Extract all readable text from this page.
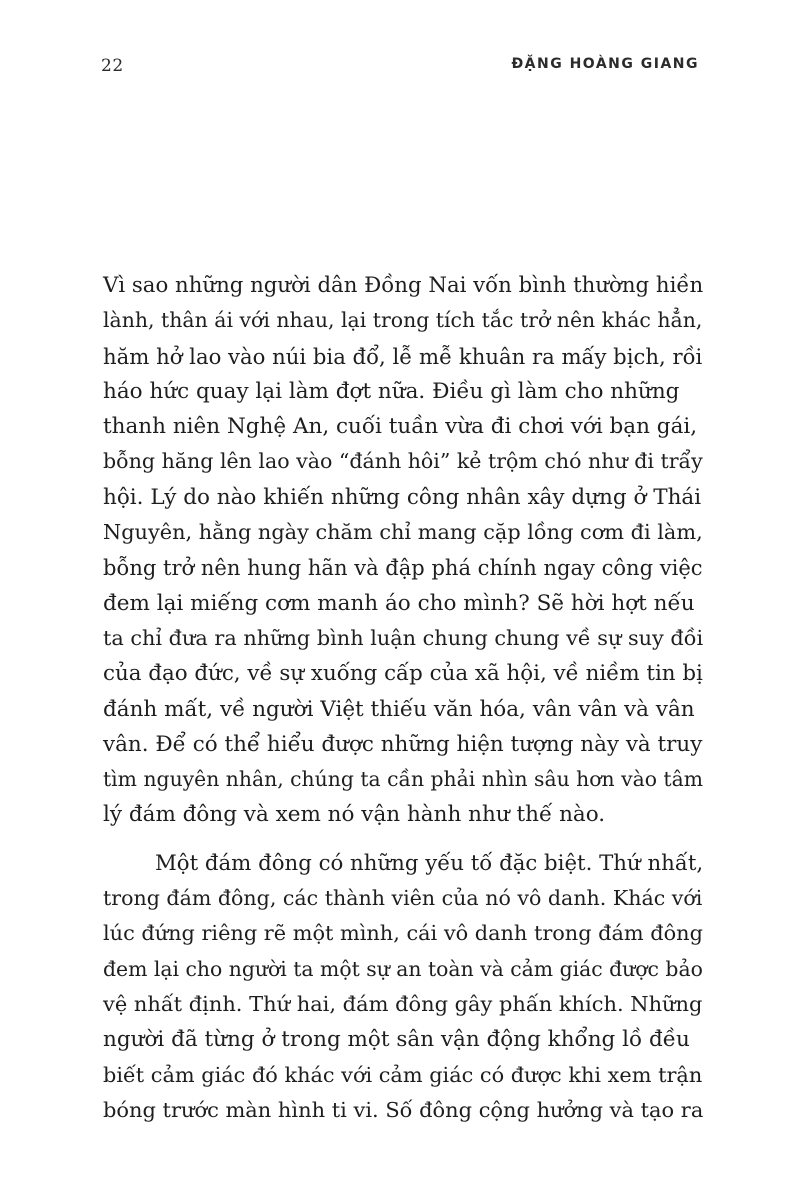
22	ĐẶNG HOÀNG GIANG
Vì sao những người dân Đồng Nai vốn bình thường hiền
lành, thân ái với nhau, lại trong tích tắc trở nên khác hẳn,
hăm hở lao vào núi bia đổ, lễ mễ khuân ra mấy bịch, rồi
háo hức quay lại làm đợt nữa. Điều gì làm cho những
thanh niên Nghệ An, cuối tuần vừa đi chơi với bạn gái,
bỗng hăng lên lao vào “đánh hôi” kẻ trộm chó như đi trẩy
hội. Lý do nào khiến những công nhân xây dựng ở Thái
Nguyên, hằng ngày chăm chỉ mang cặp lồng cơm đi làm,
bỗng trở nên hung hãn và đập phá chính ngay công việc
đem lại miếng cơm manh áo cho mình? Sẽ hời hợt nếu
ta chỉ đưa ra những bình luận chung chung về sự suy đồi
của đạo đức, về sự xuống cấp của xã hội, về niềm tin bị
đánh mất, về người Việt thiếu văn hóa, vân vân và vân
vân. Để có thể hiểu được những hiện tượng này và truy
tìm nguyên nhân, chúng ta cần phải nhìn sâu hơn vào tâm
lý đám đông và xem nó vận hành như thế nào.
Một đám đông có những yếu tố đặc biệt. Thứ nhất,
trong đám đông, các thành viên của nó vô danh. Khác với
lúc đứng riêng rẽ một mình, cái vô danh trong đám đông
đem lại cho người ta một sự an toàn và cảm giác được bảo
vệ nhất định. Thứ hai, đám đông gây phấn khích. Những
người đã từng ở trong một sân vận động khổng lồ đều
biết cảm giác đó khác với cảm giác có được khi xem trận
bóng trước màn hình ti vi. Số đông cộng hưởng và tạo ra
